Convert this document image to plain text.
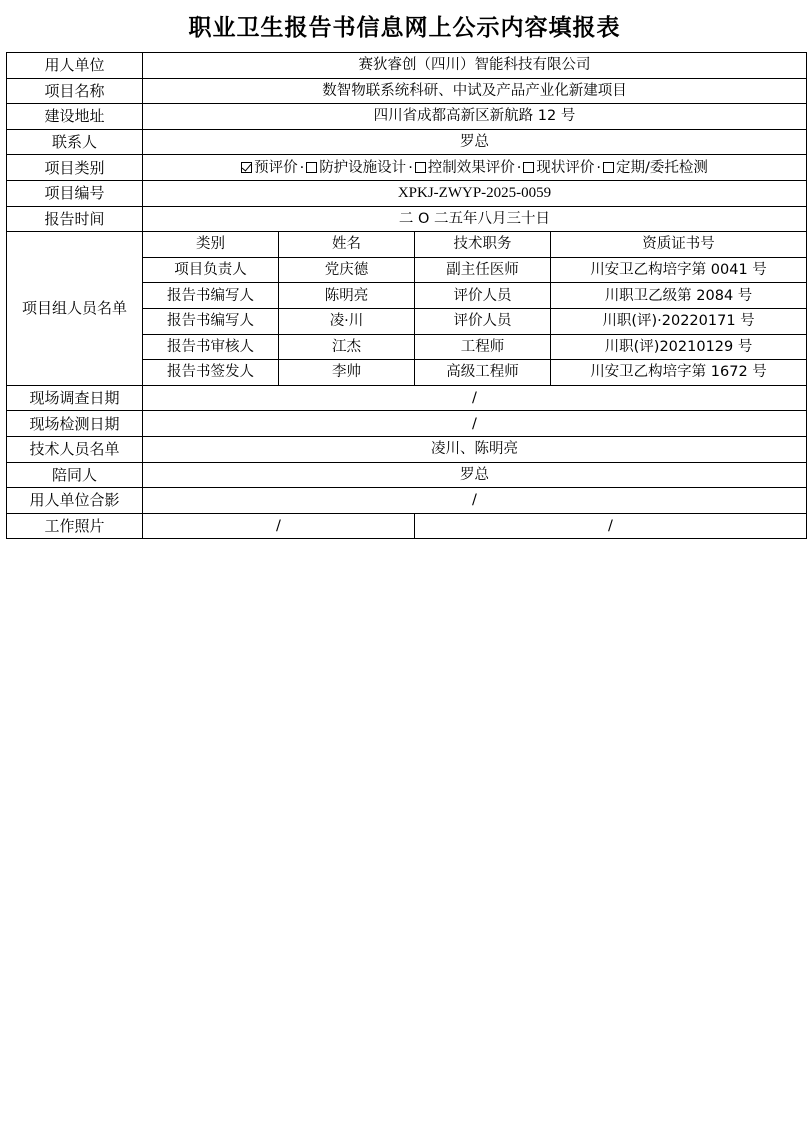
职业卫生报告书信息网上公示内容填报表
用人单位	赛狄睿创（四川）智能科技有限公司			
项目名称	数智物联系统科研、中试及产品产业化新建项目			
建设地址	四川省成都高新区新航路 12 号			
联系人	罗总			
项目类别	预评价 · 防护设施设计 · 控制效果评价 · 现状评价 · 定期/委托检测			
项目编号	XPKJ-ZWYP-2025-0059			
报告时间	二 O 二五年八月三十日			
项目组人员名单	类别	姓名	技术职务	资质证书号
	项目负责人	党庆德	副主任医师	川安卫乙构培字第 0041 号
	报告书编写人	陈明亮	评价人员	川职卫乙级第 2084 号
	报告书编写人	凌·川	评价人员	川职(评)·20220171 号
	报告书审核人	江杰	工程师	川职(评)20210129 号
	报告书签发人	李帅	高级工程师	川安卫乙构培字第 1672 号
现场调查日期	/			
现场检测日期	/			
技术人员名单	凌川、陈明亮			
陪同人	罗总			
用人单位合影	/			
工作照片	/		/	
